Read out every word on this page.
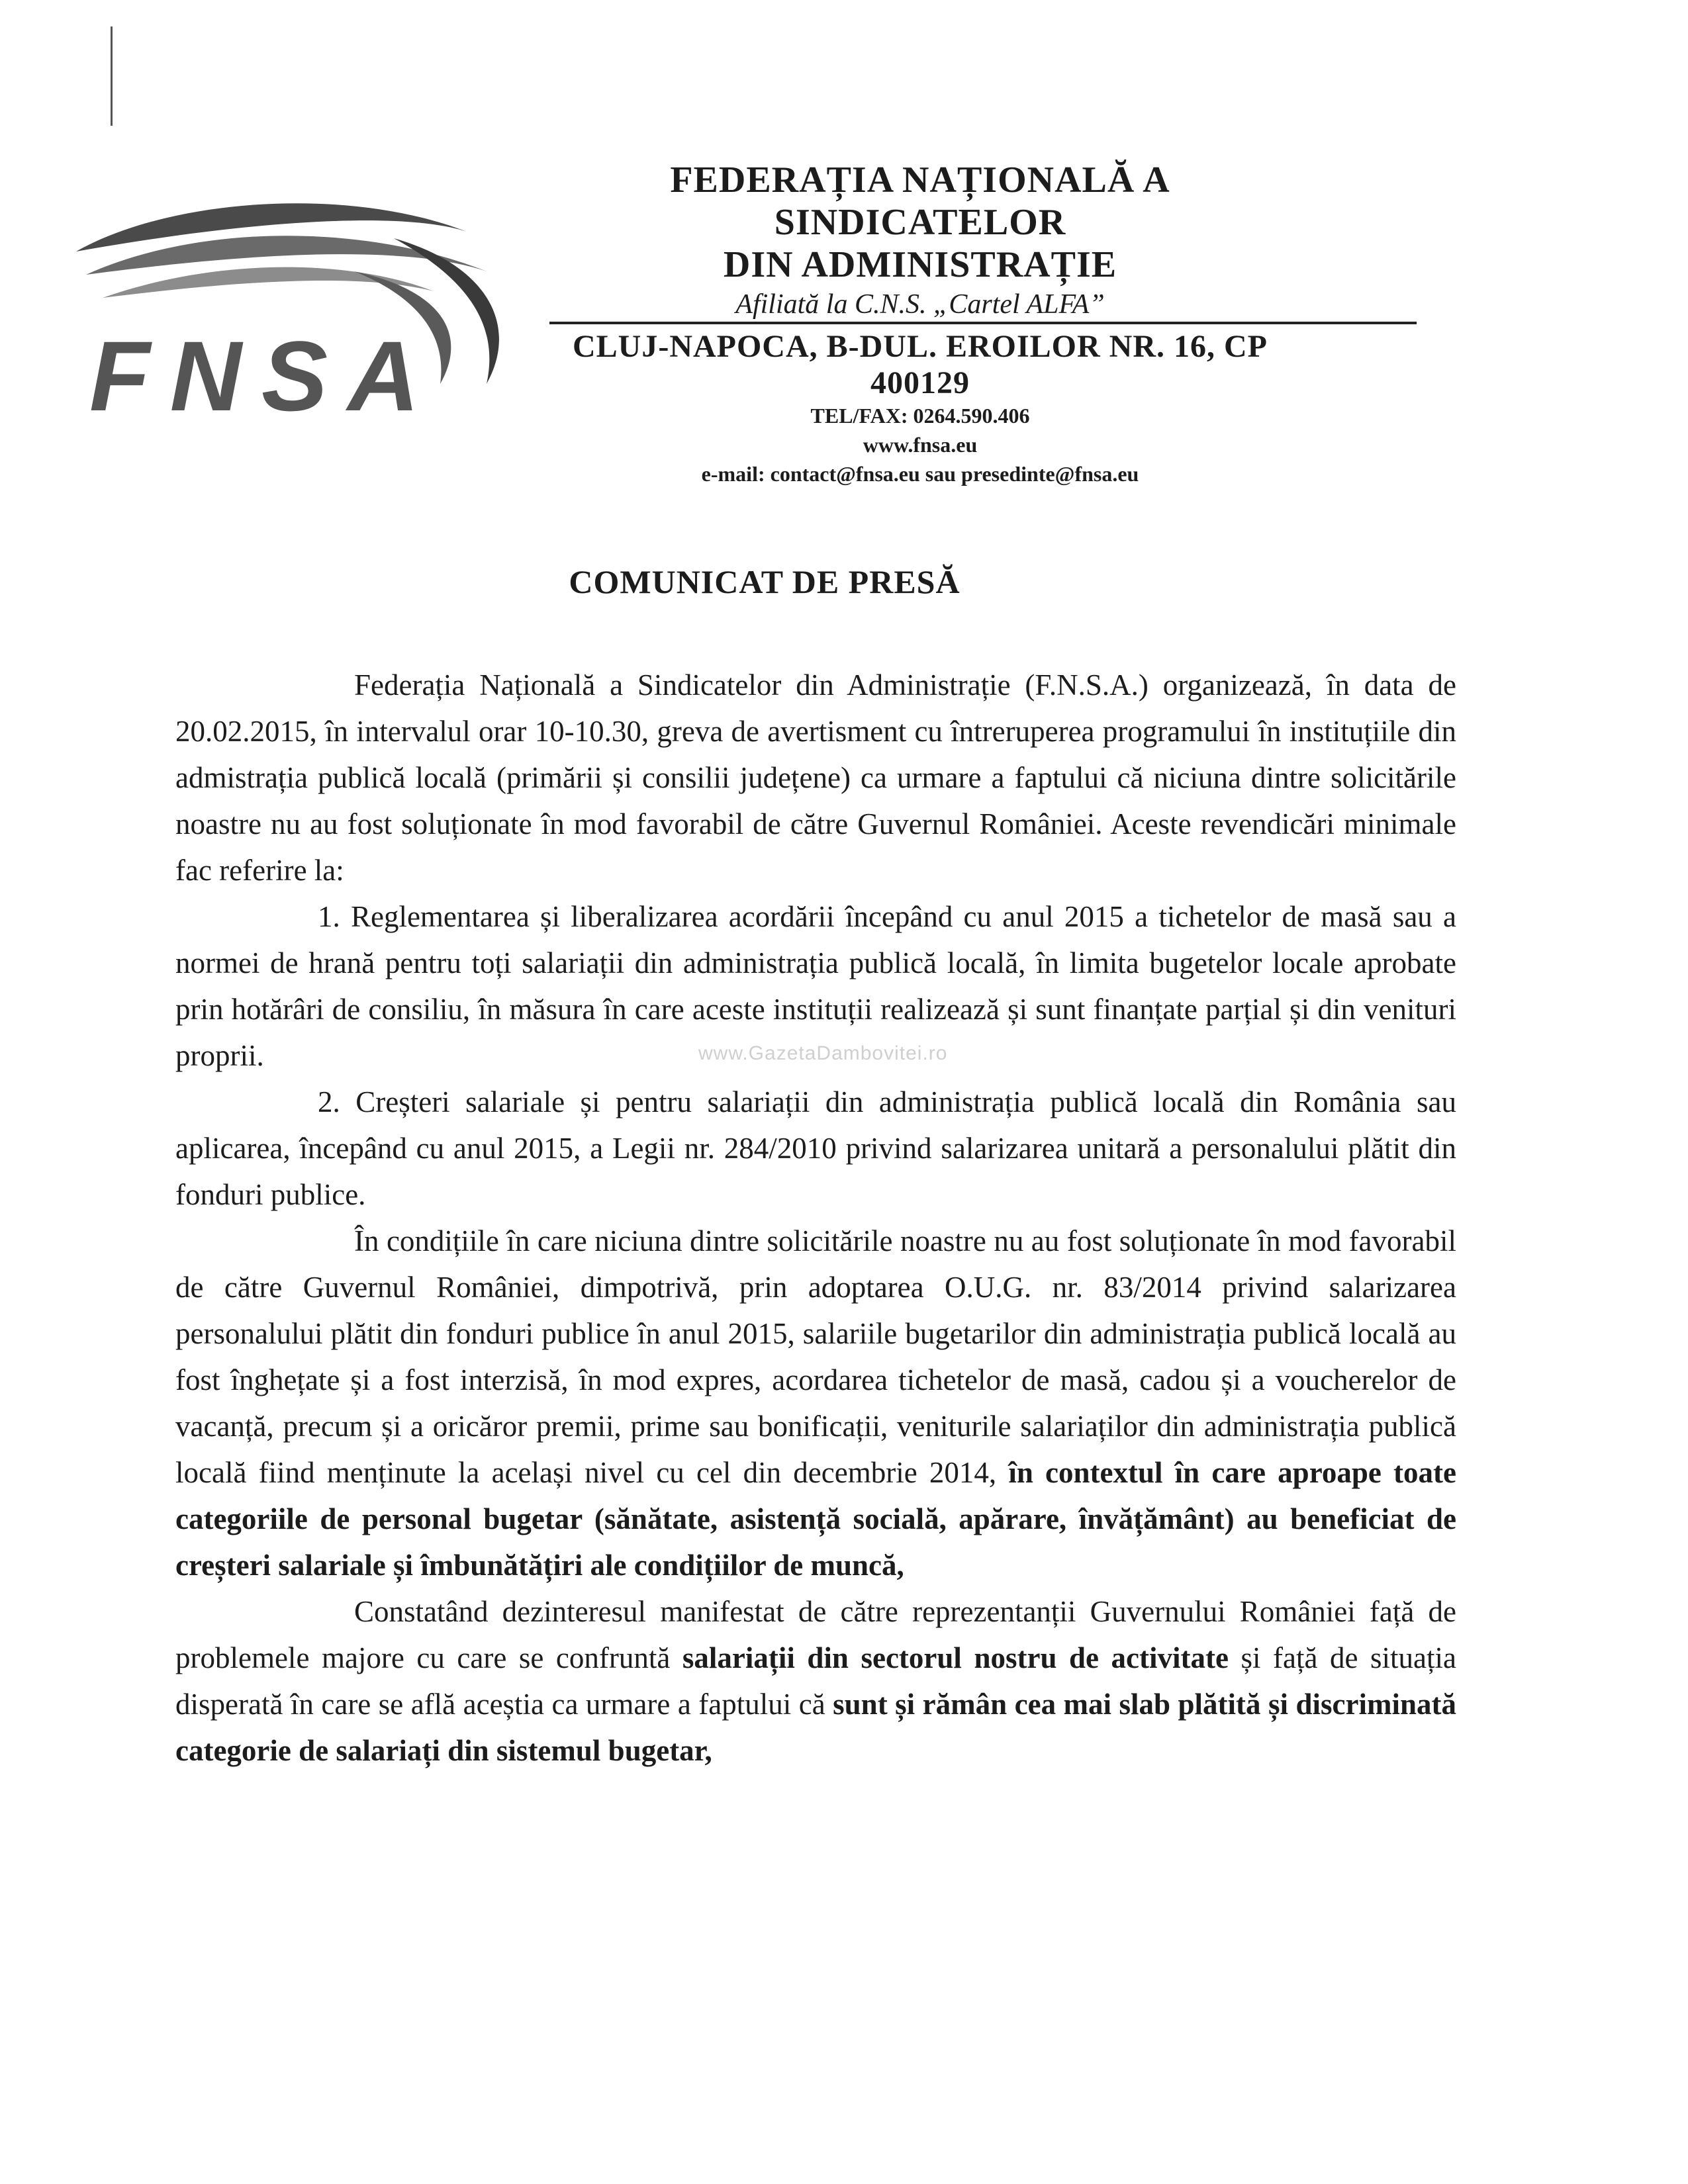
FNSA
FEDERAȚIA NAȚIONALĂ A SINDICATELOR
DIN ADMINISTRAȚIE
Afiliată la C.N.S. „Cartel ALFA”
CLUJ-NAPOCA, B-DUL. EROILOR NR. 16, CP 400129
TEL/FAX: 0264.590.406
www.fnsa.eu
e-mail: contact@fnsa.eu sau presedinte@fnsa.eu
COMUNICAT DE PRESĂ
www.GazetaDambovitei.ro

Federația Națională a Sindicatelor din Administrație (F.N.S.A.) organizează, în data de 20.02.2015, în intervalul orar 10-10.30, greva de avertisment cu întreruperea programului în instituțiile din admistrația publică locală (primării și consilii județene) ca urmare a faptului că niciuna dintre solicitările noastre nu au fost soluționate în mod favorabil de către Guvernul României. Aceste revendicări minimale fac referire la:

1. Reglementarea și liberalizarea acordării începând cu anul 2015 a tichetelor de masă sau a normei de hrană pentru toți salariații din administrația publică locală, în limita bugetelor locale aprobate prin hotărâri de consiliu, în măsura în care aceste instituții realizează și sunt finanțate parțial și din venituri proprii.

2. Creșteri salariale și pentru salariații din administrația publică locală din România sau aplicarea, începând cu anul 2015, a Legii nr. 284/2010 privind salarizarea unitară a personalului plătit din fonduri publice.

În condițiile în care niciuna dintre solicitările noastre nu au fost soluționate în mod favorabil de către Guvernul României, dimpotrivă, prin adoptarea O.U.G. nr. 83/2014 privind salarizarea personalului plătit din fonduri publice în anul 2015, salariile bugetarilor din administrația publică locală au fost înghețate și a fost interzisă, în mod expres, acordarea tichetelor de masă, cadou și a voucherelor de vacanță, precum și a oricăror premii, prime sau bonificații, veniturile salariaților din administrația publică locală fiind menținute la același nivel cu cel din decembrie 2014, în contextul în care aproape toate categoriile de personal bugetar (sănătate, asistență socială, apărare, învățământ) au beneficiat de creșteri salariale și îmbunătățiri ale condițiilor de muncă,

Constatând dezinteresul manifestat de către reprezentanții Guvernului României față de problemele majore cu care se confruntă salariații din sectorul nostru de activitate și față de situația disperată în care se află aceștia ca urmare a faptului că sunt și rămân cea mai slab plătită și discriminată categorie de salariați din sistemul bugetar,
